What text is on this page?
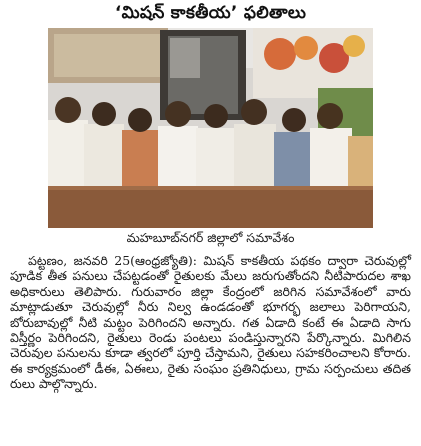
‘మిషన్ కాకతీయ’ ఫలితాలు
మహబూబ్‌నగర్ జిల్లాలో సమావేశం

పట్టణం, జనవరి 25(ఆంధ్రజ్యోతి): మిషన్ కాకతీయ పథకం ద్వారా చెరువుల్లో పూడిక తీత పనులు చేపట్టడంతో రైతులకు మేలు జరుగుతోందని నీటిపారుదల శాఖ అధికారులు తెలిపారు. గురువారం జిల్లా కేంద్రంలో జరిగిన సమావేశంలో వారు మాట్లాడుతూ చెరువుల్లో నీరు నిల్వ ఉండడంతో భూగర్భ జలాలు పెరిగాయని, బోరుబావుల్లో నీటి మట్టం పెరిగిందని అన్నారు. గత ఏడాది కంటే ఈ ఏడాది సాగు విస్తీర్ణం పెరిగిందని, రైతులు రెండు పంటలు పండిస్తున్నారని పేర్కొన్నారు. మిగిలిన చెరువుల పనులను కూడా త్వరలో పూర్తి చేస్తామని, రైతులు సహకరించాలని కోరారు. ఈ కార్యక్రమంలో డీఈ, ఏఈలు, రైతు సంఘం ప్రతినిధులు, గ్రామ సర్పంచులు తదితరులు పాల్గొన్నారు.
